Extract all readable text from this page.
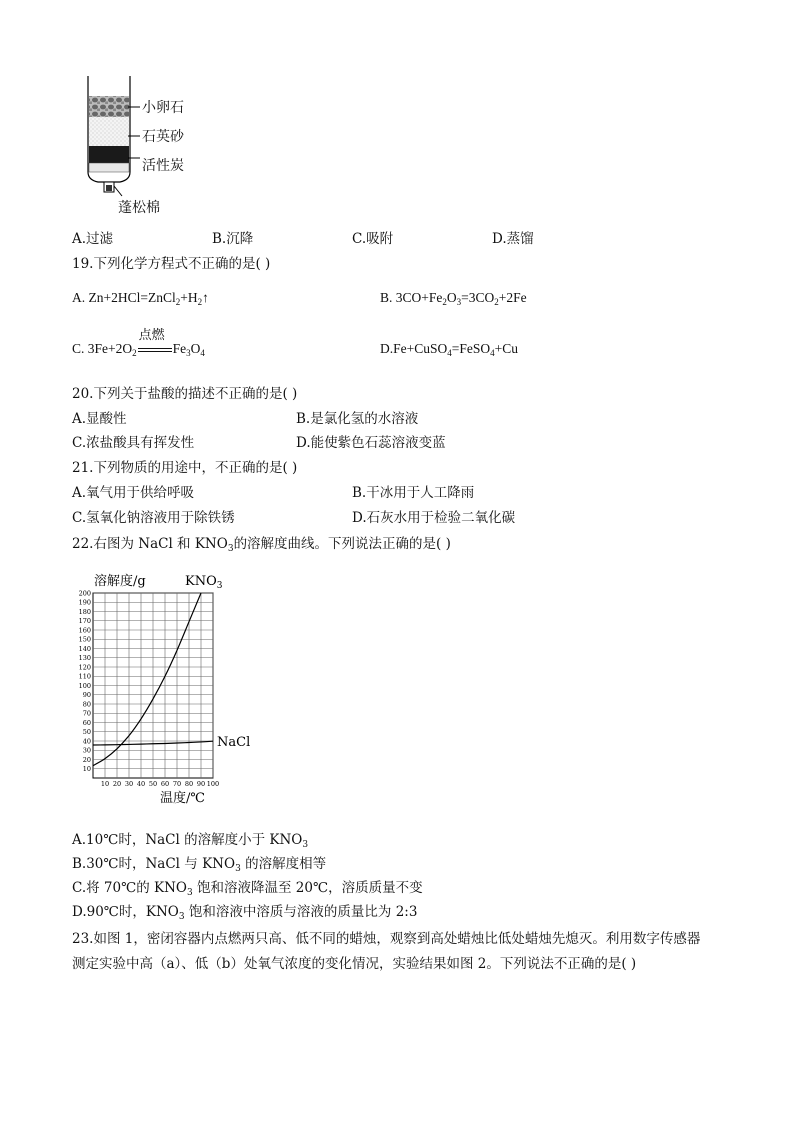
小卵石
石英砂
活性炭
蓬松棉
A.过滤	B.沉降	C.吸附	D.蒸馏
19.下列化学方程式不正确的是( )
A. $Zn+2HCl=ZnCl_2+H_2↑$	B. $3CO+Fe_2O_3=3CO_2+2Fe$
C. $3Fe+2O_2$
点燃
$Fe_3O_4$	D.Fe+CuSO$_4$=FeSO$_4$+Cu
20.下列关于盐酸的描述不正确的是( )
A.显酸性	B.是氯化氢的水溶液
C.浓盐酸具有挥发性	D.能使紫色石蕊溶液变蓝
21.下列物质的用途中，不正确的是( )
A.氧气用于供给呼吸	B.干冰用于人工降雨
C.氢氧化钠溶液用于除铁锈	D.石灰水用于检验二氧化碳
22.右图为 NaCl 和 $KNO_3$的溶解度曲线。下列说法正确的是( )
溶解度/g
温度/℃
10 20 30 40 50 60 70 80 90 100
10
20
30
40
50
60
70
80
90
100
110
120
130
140
150
160
170
180
190
200
$KNO_3$
NaCl
A.10℃时，NaCl 的溶解度小于 $KNO_3$
B.30℃时，NaCl 与 $KNO_3$ 的溶解度相等
C.将 70℃的 $KNO_3$ 饱和溶液降温至 20℃，溶质质量不变
D.90℃时，$KNO_3$ 饱和溶液中溶质与溶液的质量比为 2:3
23.如图 1，密闭容器内点燃两只高、低不同的蜡烛，观察到高处蜡烛比低处蜡烛先熄灭。利用数字传感器
测定实验中高（a）、低（b）处氧气浓度的变化情况，实验结果如图 2。下列说法不正确的是( )
